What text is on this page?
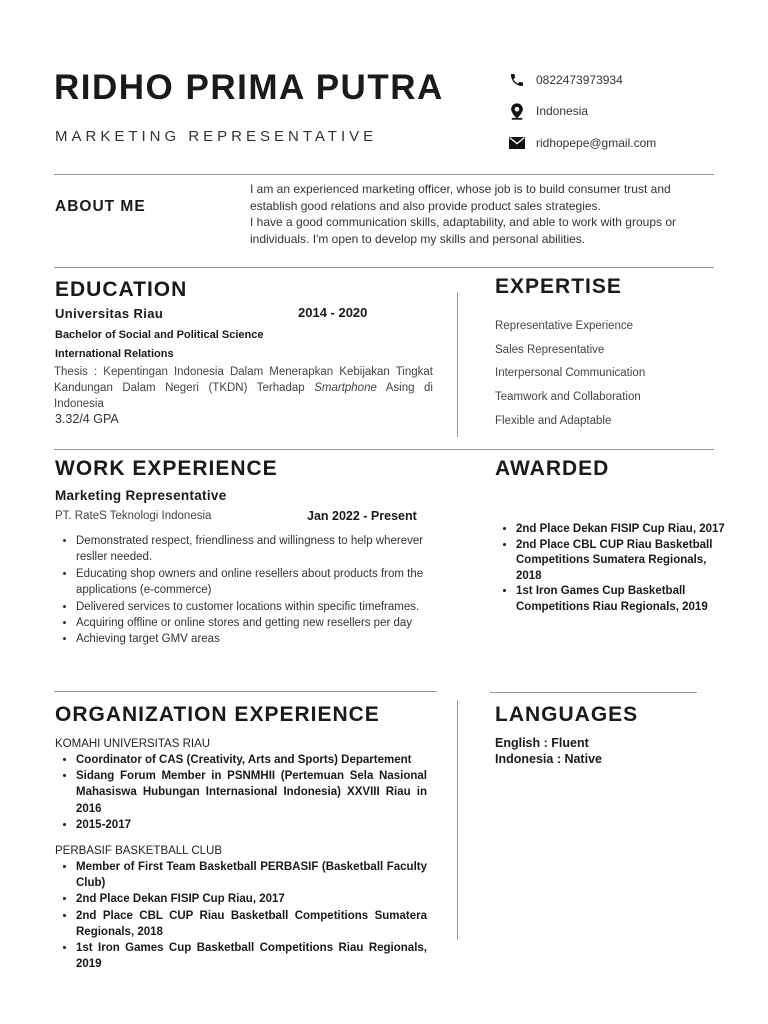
RIDHO PRIMA PUTRA
MARKETING REPRESENTATIVE
0822473973934
Indonesia
ridhopepe@gmail.com
ABOUT ME
I am an experienced marketing officer, whose job is to build consumer trust and
establish good relations and also provide product sales strategies.
I have a good communication skills, adaptability, and able to work with groups or
individuals. I'm open to develop my skills and personal abilities.
EDUCATION
Universitas Riau	2014 - 2020
Bachelor of Social and Political Science
International Relations
Thesis : Kepentingan Indonesia Dalam Menerapkan Kebijakan Tingkat Kandungan Dalam Negeri (TKDN) Terhadap Smartphone Asing di Indonesia
3.32/4 GPA
EXPERTISE
Representative Experience
Sales Representative
Interpersonal Communication
Teamwork and Collaboration
Flexible and Adaptable
WORK EXPERIENCE
Marketing Representative
PT. RateS Teknologi Indonesia	Jan 2022 - Present
• Demonstrated respect, friendliness and willingness to help wherever resller needed.
• Educating shop owners and online resellers about products from the applications (e-commerce)
• Delivered services to customer locations within specific timeframes.
• Acquiring offline or online stores and getting new resellers per day
• Achieving target GMV areas
AWARDED
• 2nd Place Dekan FISIP Cup Riau, 2017
• 2nd Place CBL CUP Riau Basketball Competitions Sumatera Regionals, 2018
• 1st Iron Games Cup Basketball Competitions Riau Regionals, 2019
ORGANIZATION EXPERIENCE
KOMAHI UNIVERSITAS RIAU
• Coordinator of CAS (Creativity, Arts and Sports) Departement
• Sidang Forum Member in PSNMHII (Pertemuan Sela Nasional Mahasiswa Hubungan Internasional Indonesia) XXVIII Riau in 2016
• 2015-2017
PERBASIF BASKETBALL CLUB
• Member of First Team Basketball PERBASIF (Basketball Faculty Club)
• 2nd Place Dekan FISIP Cup Riau, 2017
• 2nd Place CBL CUP Riau Basketball Competitions Sumatera Regionals, 2018
• 1st Iron Games Cup Basketball Competitions Riau Regionals, 2019
LANGUAGES
English : Fluent
Indonesia : Native
